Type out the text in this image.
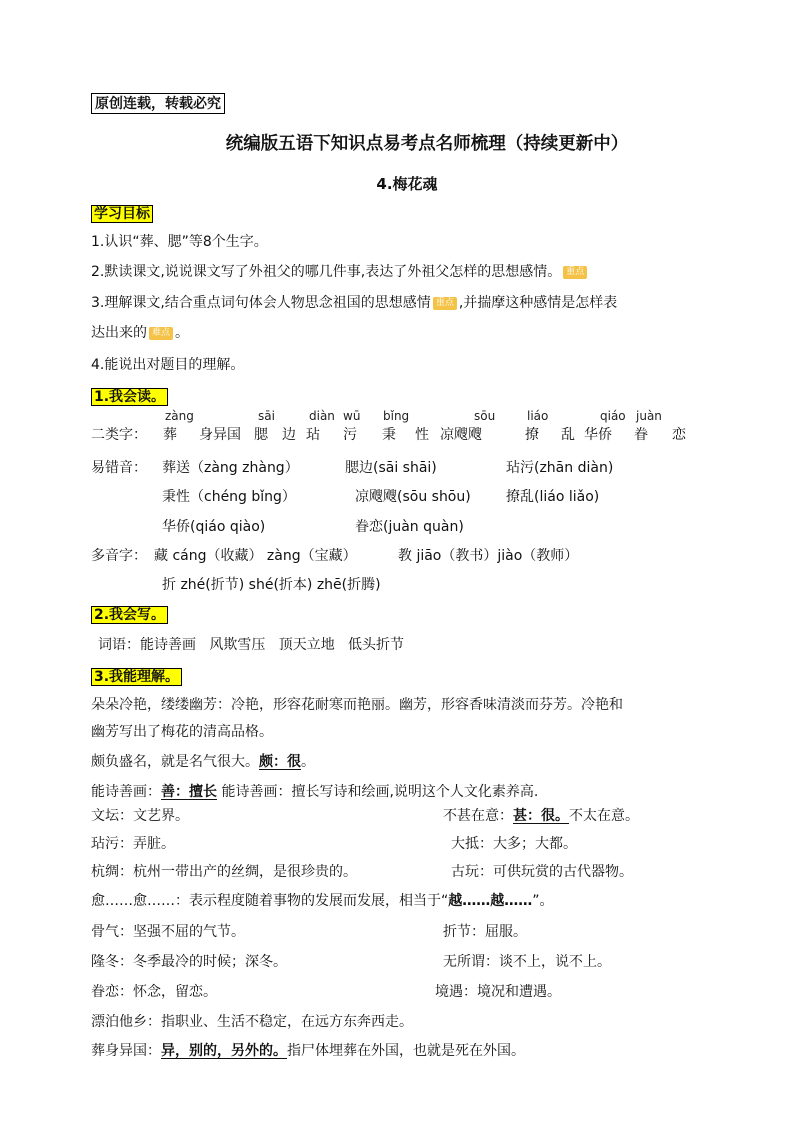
原创连载，转载必究
统编版五语下知识点易考点名师梳理（持续更新中）
4.梅花魂
学习目标
1.认识“葬、腮”等8个生字。
2.默读课文,说说课文写了外祖父的哪几件事,表达了外祖父怎样的思想感情。 重点
3.理解课文,结合重点词句体会人物思念祖国的思想感情 重点 ,并揣摩这种感情是怎样表
达出来的 难点 。
4.能说出对题目的理解。
1.我会读。
zàng	sāi	diàn wū bǐng	sōu	liáo	qiáo juàn
二类字： 葬 身异国 腮 边 玷 污 秉 性 凉飕飕	撩 乱 华侨 眷 恋
易错音： 葬送（zàng zhàng）	腮边(sāi shāi)	玷污(zhān diàn)
秉性（chéng bǐng）	凉飕飕(sōu shōu)	撩乱(liáo liǎo)
华侨(qiáo qiào)	眷恋(juàn quàn)
多音字： 藏 cáng（收藏） zàng（宝藏）	教 jiāo（教书）jiào（教师）
折 zhé(折节) shé(折本) zhē(折腾)
2.我会写。
词语：能诗善画   风欺雪压   顶天立地   低头折节
3.我能理解。
朵朵冷艳，缕缕幽芳：冷艳，形容花耐寒而艳丽。幽芳，形容香味清淡而芬芳。冷艳和
幽芳写出了梅花的清高品格。
颇负盛名，就是名气很大。颇：很。
能诗善画：善：擅长 能诗善画：擅长写诗和绘画,说明这个人文化素养高.
文坛：文艺界。	不甚在意：甚：很。不太在意。
玷污：弄脏。	大抵：大多；大都。
杭绸：杭州一带出产的丝绸，是很珍贵的。	古玩：可供玩赏的古代器物。
愈……愈……：表示程度随着事物的发展而发展，相当于“越……越……”。
骨气：坚强不屈的气节。	折节：屈服。
隆冬：冬季最冷的时候；深冬。	无所谓：谈不上，说不上。
眷恋：怀念，留恋。	境遇：境况和遭遇。
漂泊他乡：指职业、生活不稳定，在远方东奔西走。
葬身异国：异，别的，另外的。指尸体埋葬在外国，也就是死在外国。
